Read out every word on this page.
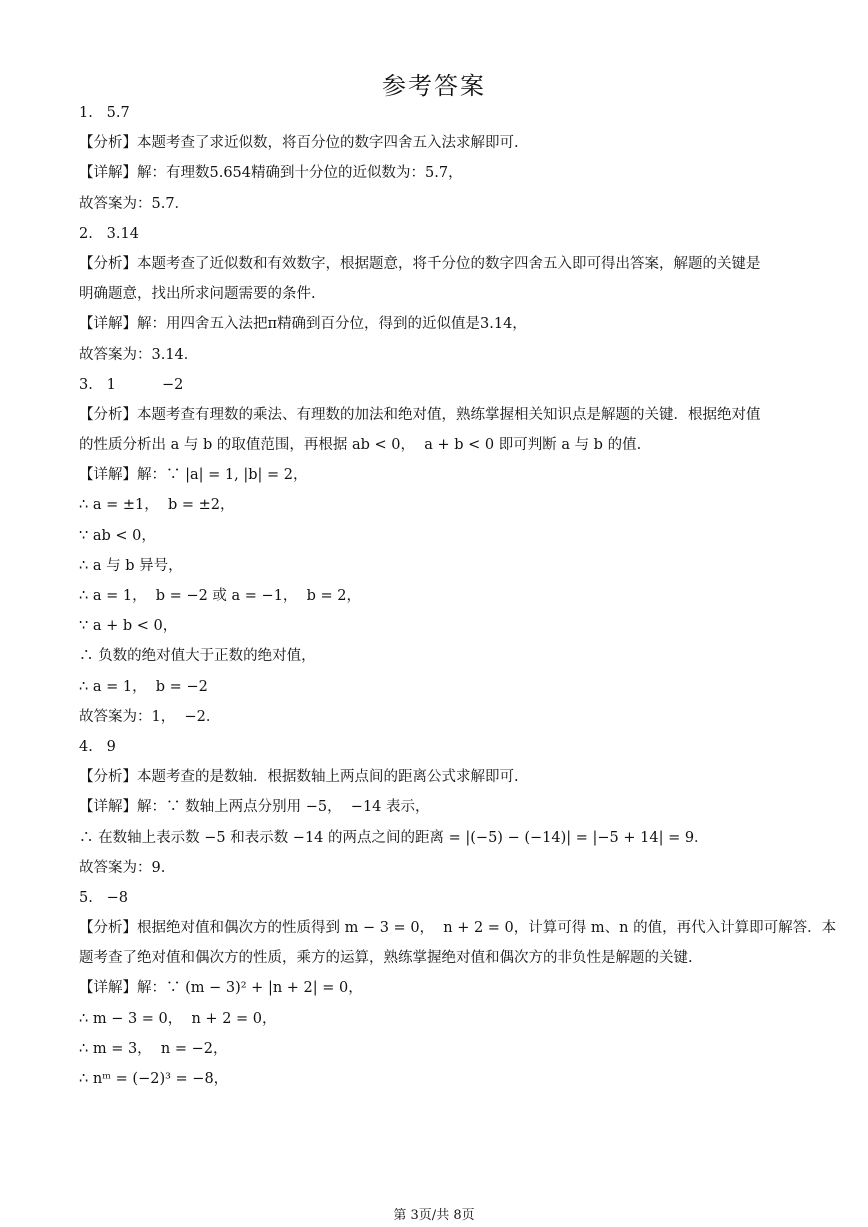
参考答案
1.   5.7
【分析】本题考查了求近似数，将百分位的数字四舍五入法求解即可.
【详解】解：有理数5.654精确到十分位的近似数为：5.7，
故答案为：5.7．
2.   3.14
【分析】本题考查了近似数和有效数字，根据题意，将千分位的数字四舍五入即可得出答案，解题的关键是
明确题意，找出所求问题需要的条件.
【详解】解：用四舍五入法把π精确到百分位，得到的近似值是3.14，
故答案为：3.14．
3.   1          −2
【分析】本题考查有理数的乘法、有理数的加法和绝对值，熟练掌握相关知识点是解题的关键．根据绝对值
的性质分析出 a 与 b 的取值范围，再根据 ab < 0，  a + b < 0 即可判断 a 与 b 的值.
【详解】解：∵ |a| = 1, |b| = 2，
∴ a = ±1，  b = ±2，
∵ ab < 0，
∴ a 与 b 异号，
∴ a = 1，  b = −2 或 a = −1，  b = 2，
∵ a + b < 0，
∴ 负数的绝对值大于正数的绝对值，
∴ a = 1，  b = −2
故答案为：1，  −2．
4.   9
【分析】本题考查的是数轴．根据数轴上两点间的距离公式求解即可.
【详解】解：∵ 数轴上两点分别用 −5，  −14 表示，
∴ 在数轴上表示数 −5 和表示数 −14 的两点之间的距离 = |(−5) − (−14)| = |−5 + 14| = 9．
故答案为：9.
5.   −8
【分析】根据绝对值和偶次方的性质得到 m − 3 = 0，  n + 2 = 0，计算可得 m、n 的值，再代入计算即可解答．本
题考查了绝对值和偶次方的性质，乘方的运算，熟练掌握绝对值和偶次方的非负性是解题的关键.
【详解】解：∵ (m − 3)² + |n + 2| = 0，
∴ m − 3 = 0，  n + 2 = 0，
∴ m = 3，  n = −2，
∴ nᵐ = (−2)³ = −8，
第 3页/共 8页
